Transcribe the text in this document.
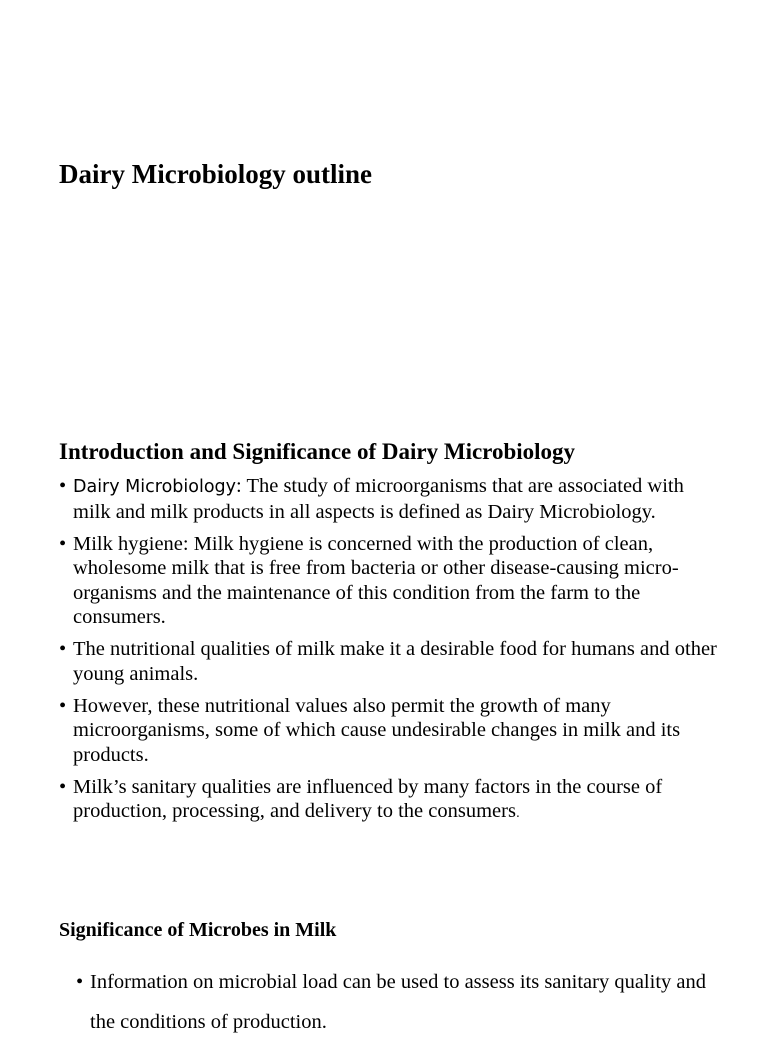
Dairy Microbiology outline
Introduction and Significance of Dairy Microbiology
• Dairy Microbiology: The study of microorganisms that are associated with milk and milk products in all aspects is defined as Dairy Microbiology.
• Milk hygiene: Milk hygiene is concerned with the production of clean, wholesome milk that is free from bacteria or other disease-causing micro-organisms and the maintenance of this condition from the farm to the consumers.
• The nutritional qualities of milk make it a desirable food for humans and other young animals.
• However, these nutritional values also permit the growth of many microorganisms, some of which cause undesirable changes in milk and its products.
• Milk’s sanitary qualities are influenced by many factors in the course of production, processing, and delivery to the consumers.
Significance of Microbes in Milk
• Information on microbial load can be used to assess its sanitary quality and the conditions of production.
